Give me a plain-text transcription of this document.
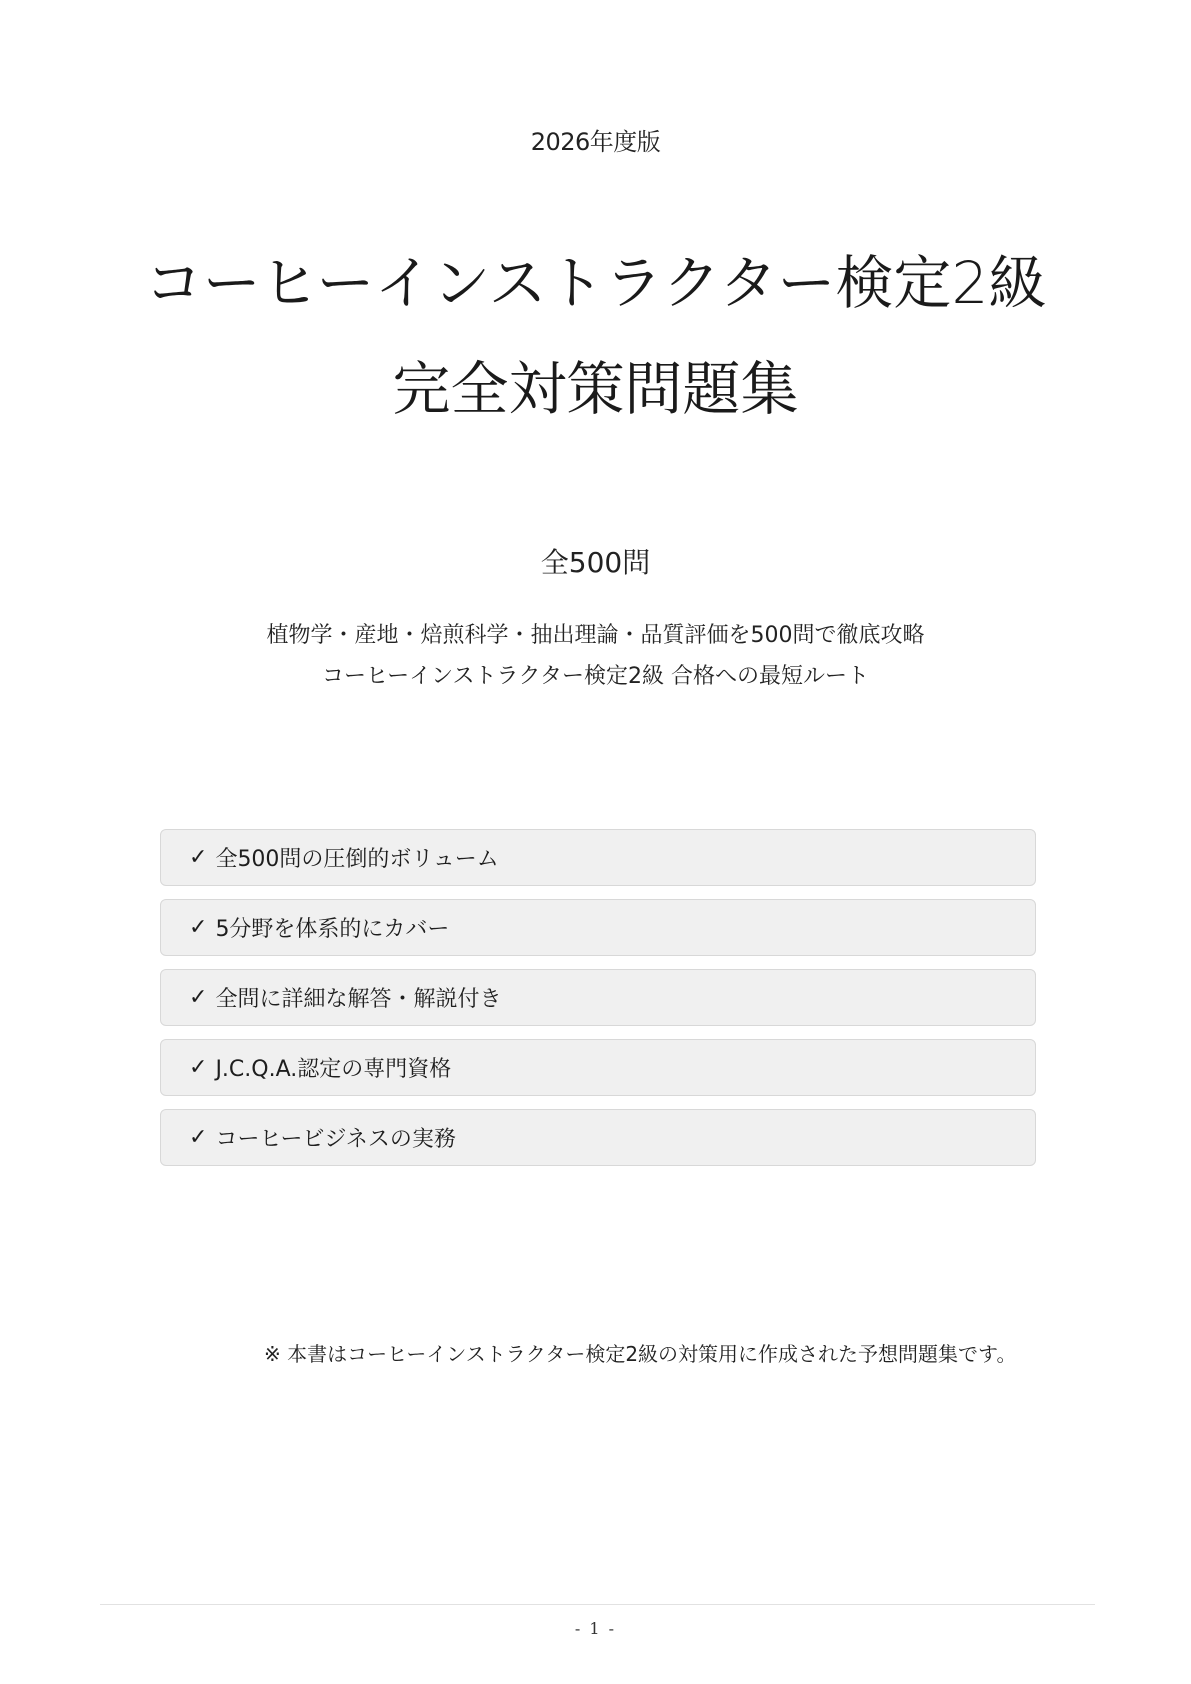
2026年度版
コーヒーインストラクター検定2級
完全対策問題集
全500問
植物学・産地・焙煎科学・抽出理論・品質評価を500問で徹底攻略
コーヒーインストラクター検定2級 合格への最短ルート
✓ 全500問の圧倒的ボリューム
✓ 5分野を体系的にカバー
✓ 全問に詳細な解答・解説付き
✓ J.C.Q.A.認定の専門資格
✓ コーヒービジネスの実務
※ 本書はコーヒーインストラクター検定2級の対策用に作成された予想問題集です。
- 1 -
